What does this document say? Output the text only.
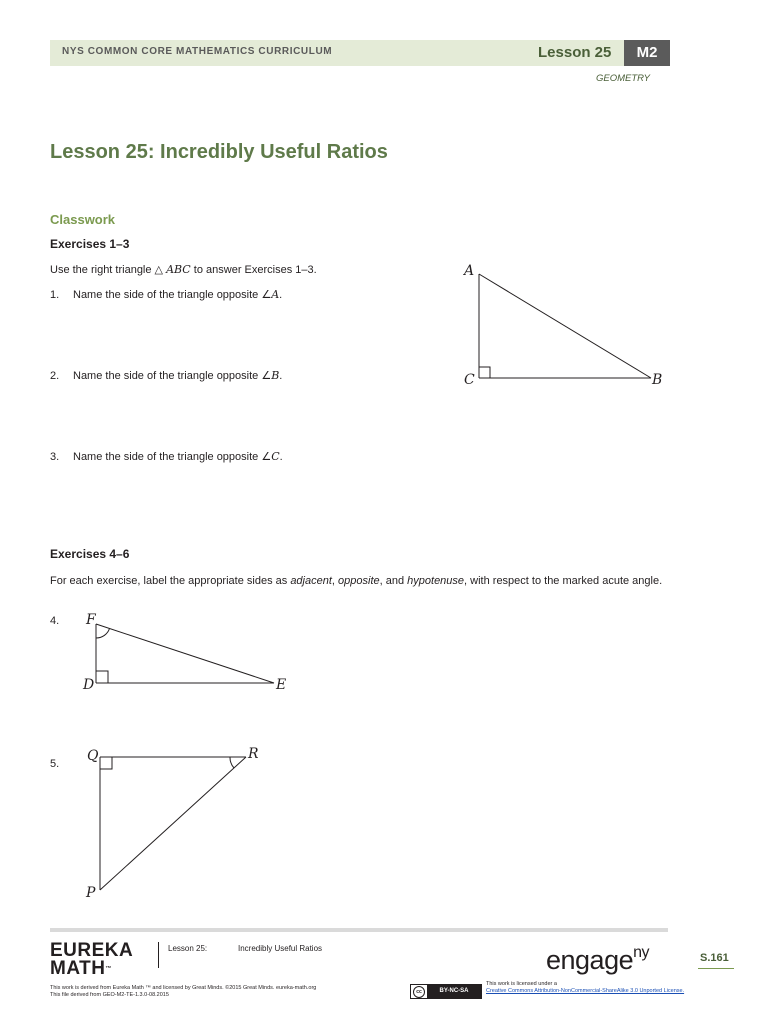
NYS COMMON CORE MATHEMATICS CURRICULUM	Lesson 25	M2
GEOMETRY
Lesson 25: Incredibly Useful Ratios
Classwork
Exercises 1–3
Use the right triangle △ ABC to answer Exercises 1–3.
1. Name the side of the triangle opposite ∠A.
2. Name the side of the triangle opposite ∠B.
3. Name the side of the triangle opposite ∠C.
A
C	B
Exercises 4–6
For each exercise, label the appropriate sides as adjacent, opposite, and hypotenuse, with respect to the marked acute angle.
4. F
D	E
5. Q	R
P
EUREKA
MATH™
Lesson 25:	Incredibly Useful Ratios	engage$^{ny}$	S.161
This work is derived from Eureka Math ™ and licensed by Great Minds. ©2015 Great Minds. eureka-math.org
This file derived from GEO-M2-TE-1.3.0-08.2015
cc	BY-NC-SA
This work is licensed under a
Creative Commons Attribution-NonCommercial-ShareAlike 3.0 Unported License.
